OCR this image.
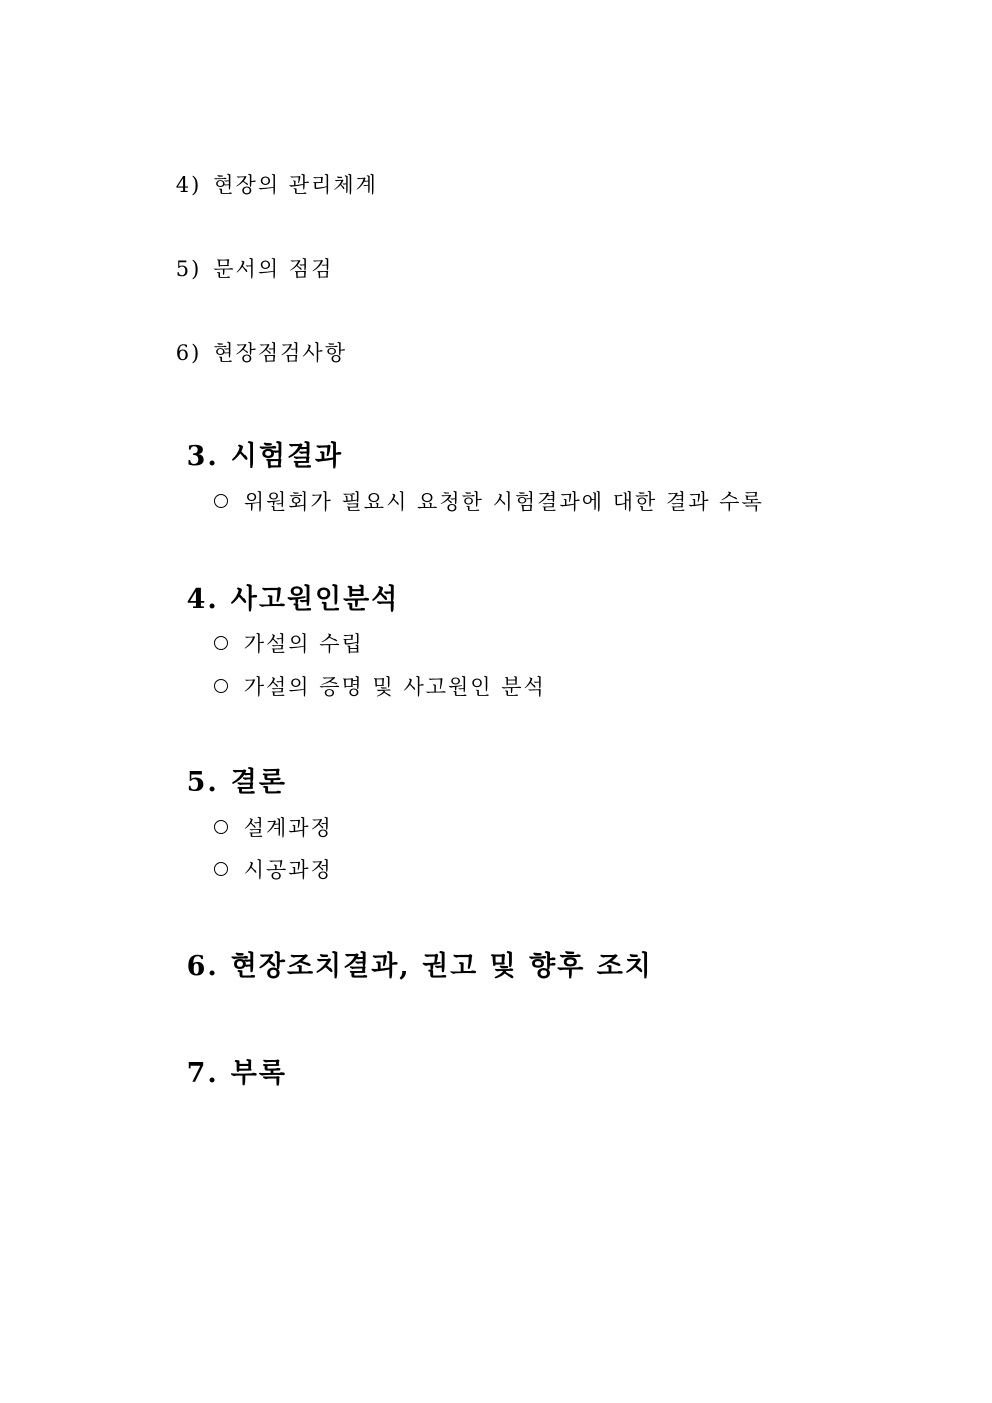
4) 현장의 관리체계

5) 문서의 점검

6) 현장점검사항

3. 시험결과

위원회가 필요시 요청한 시험결과에 대한 결과 수록

4. 사고원인분석

가설의 수립

가설의 증명 및 사고원인 분석

5. 결론

설계과정

시공과정

6. 현장조치결과, 권고 및 향후 조치

7. 부록
